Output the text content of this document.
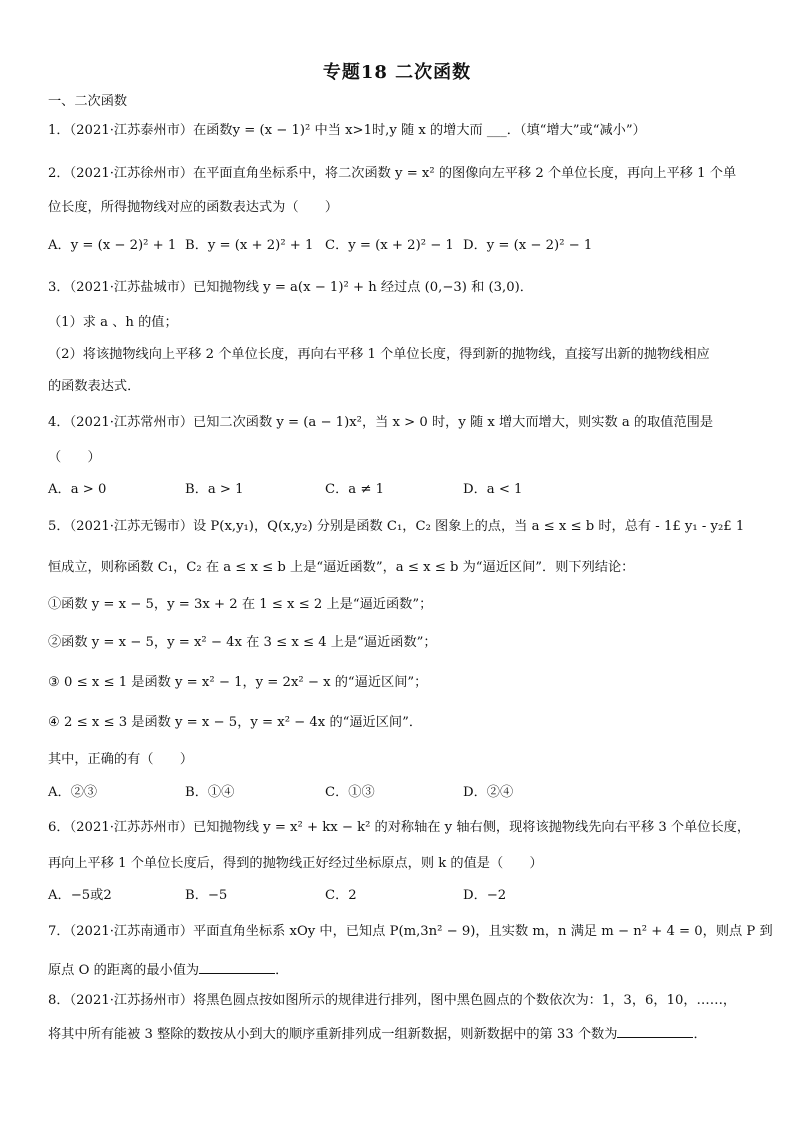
专题18 二次函数
一、二次函数
1．（2021·江苏泰州市）在函数y = (x − 1)² 中当 x>1时,y 随 x 的增大而 ___．（填“增大”或“减小”）
2．（2021·江苏徐州市）在平面直角坐标系中，将二次函数 y = x² 的图像向左平移 2 个单位长度，再向上平移 1 个单
位长度，所得抛物线对应的函数表达式为（　　）
A．y = (x − 2)² + 1 B．y = (x + 2)² + 1 C．y = (x + 2)² − 1 D．y = (x − 2)² − 1
3．（2021·江苏盐城市）已知抛物线 y = a(x − 1)² + h 经过点 (0,−3) 和 (3,0)．
（1）求 a 、h 的值；
（2）将该抛物线向上平移 2 个单位长度，再向右平移 1 个单位长度，得到新的抛物线，直接写出新的抛物线相应
的函数表达式．
4．（2021·江苏常州市）已知二次函数 y = (a − 1)x²，当 x > 0 时，y 随 x 增大而增大，则实数 a 的取值范围是
（　　）
A．a > 0	B．a > 1	C．a ≠ 1	D．a < 1
5．（2021·江苏无锡市）设 P(x,y₁)，Q(x,y₂) 分别是函数 C₁，C₂ 图象上的点，当 a ≤ x ≤ b 时，总有 - 1£ y₁ - y₂£ 1
恒成立，则称函数 C₁，C₂ 在 a ≤ x ≤ b 上是“逼近函数”，a ≤ x ≤ b 为“逼近区间”．则下列结论：
①函数 y = x − 5，y = 3x + 2 在 1 ≤ x ≤ 2 上是“逼近函数”；
②函数 y = x − 5，y = x² − 4x 在 3 ≤ x ≤ 4 上是“逼近函数”；
③ 0 ≤ x ≤ 1 是函数 y = x² − 1，y = 2x² − x 的“逼近区间”；
④ 2 ≤ x ≤ 3 是函数 y = x − 5，y = x² − 4x 的“逼近区间”．
其中，正确的有（　　）
A．②③	B．①④	C．①③	D．②④
6．（2021·江苏苏州市）已知抛物线 y = x² + kx − k² 的对称轴在 y 轴右侧，现将该抛物线先向右平移 3 个单位长度，
再向上平移 1 个单位长度后，得到的抛物线正好经过坐标原点，则 k 的值是（　　）
A．−5或2	B．−5	C．2	D．−2
7．（2021·江苏南通市）平面直角坐标系 xOy 中，已知点 P(m,3n² − 9)，且实数 m，n 满足 m − n² + 4 = 0，则点 P 到
原点 O 的距离的最小值为	．
8．（2021·江苏扬州市）将黑色圆点按如图所示的规律进行排列，图中黑色圆点的个数依次为：1，3，6，10，……，
将其中所有能被 3 整除的数按从小到大的顺序重新排列成一组新数据，则新数据中的第 33 个数为	．
